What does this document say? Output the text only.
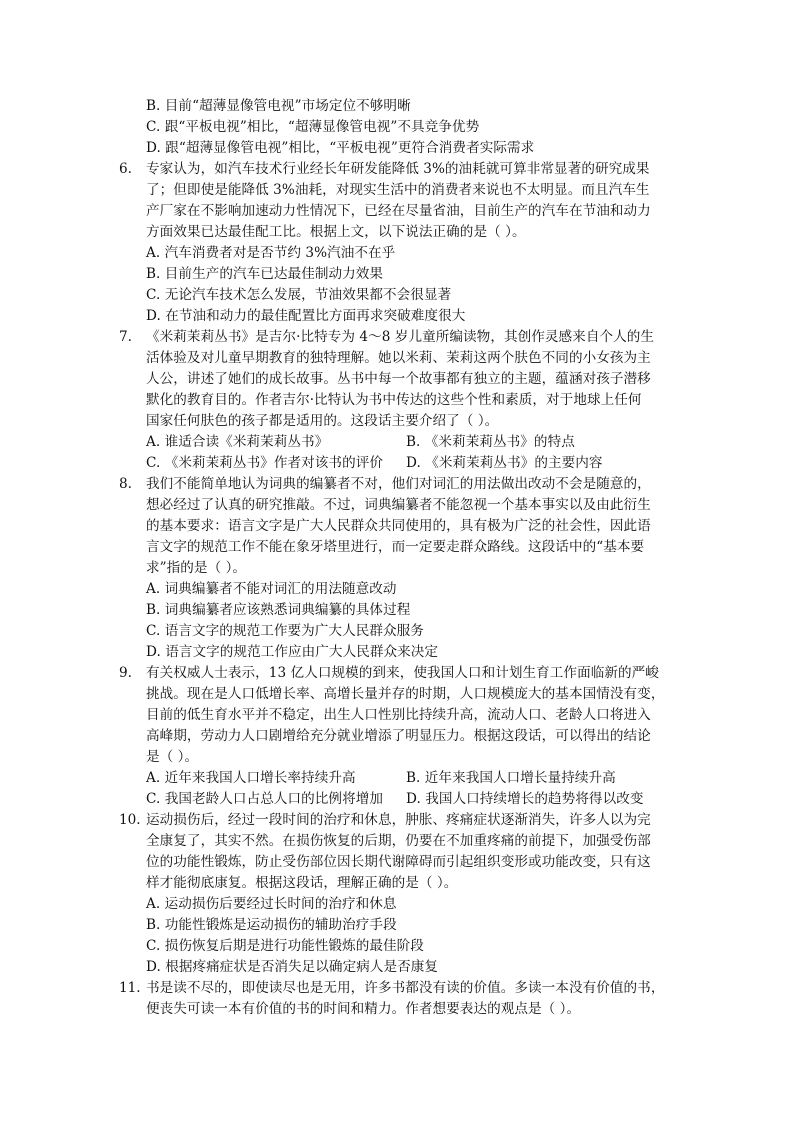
B. 目前“超薄显像管电视”市场定位不够明晰
C. 跟“平板电视”相比，“超薄显像管电视”不具竞争优势
D. 跟“超薄显像管电视”相比，“平板电视”更符合消费者实际需求
6. 专家认为，如汽车技术行业经长年研发能降低 3%的油耗就可算非常显著的研究成果
了；但即使是能降低 3%油耗，对现实生活中的消费者来说也不太明显。而且汽车生
产厂家在不影响加速动力性情况下，已经在尽量省油，目前生产的汽车在节油和动力
方面效果已达最佳配工比。根据上文，以下说法正确的是（ ）。
A. 汽车消费者对是否节约 3%汽油不在乎
B. 目前生产的汽车已达最佳制动力效果
C. 无论汽车技术怎么发展，节油效果都不会很显著
D. 在节油和动力的最佳配置比方面再求突破难度很大
7. 《米莉茉莉丛书》是吉尔·比特专为 4～8 岁儿童所编读物，其创作灵感来自个人的生
活体验及对儿童早期教育的独特理解。她以米莉、茉莉这两个肤色不同的小女孩为主
人公，讲述了她们的成长故事。丛书中每一个故事都有独立的主题，蕴涵对孩子潜移
默化的教育目的。作者吉尔·比特认为书中传达的这些个性和素质，对于地球上任何
国家任何肤色的孩子都是适用的。这段话主要介绍了（ ）。
A. 谁适合读《米莉茉莉丛书》	B. 《米莉茉莉丛书》的特点
C. 《米莉茉莉丛书》作者对该书的评价 D. 《米莉茉莉丛书》的主要内容
8. 我们不能简单地认为词典的编纂者不对，他们对词汇的用法做出改动不会是随意的，
想必经过了认真的研究推敲。不过，词典编纂者不能忽视一个基本事实以及由此衍生
的基本要求：语言文字是广大人民群众共同使用的，具有极为广泛的社会性，因此语
言文字的规范工作不能在象牙塔里进行，而一定要走群众路线。这段话中的“基本要
求”指的是（ ）。
A. 词典编纂者不能对词汇的用法随意改动
B. 词典编纂者应该熟悉词典编纂的具体过程
C. 语言文字的规范工作要为广大人民群众服务
D. 语言文字的规范工作应由广大人民群众来决定
9. 有关权威人士表示，13 亿人口规模的到来，使我国人口和计划生育工作面临新的严峻
挑战。现在是人口低增长率、高增长量并存的时期，人口规模庞大的基本国情没有变，
目前的低生育水平并不稳定，出生人口性别比持续升高，流动人口、老龄人口将进入
高峰期，劳动力人口剧增给充分就业增添了明显压力。根据这段话，可以得出的结论
是（ ）。
A. 近年来我国人口增长率持续升高	B. 近年来我国人口增长量持续升高
C. 我国老龄人口占总人口的比例将增加 D. 我国人口持续增长的趋势将得以改变
10. 运动损伤后，经过一段时间的治疗和休息，肿胀、疼痛症状逐渐消失，许多人以为完
全康复了，其实不然。在损伤恢复的后期，仍要在不加重疼痛的前提下，加强受伤部
位的功能性锻炼，防止受伤部位因长期代谢障碍而引起组织变形或功能改变，只有这
样才能彻底康复。根据这段话，理解正确的是（ ）。
A. 运动损伤后要经过长时间的治疗和休息
B. 功能性锻炼是运动损伤的辅助治疗手段
C. 损伤恢复后期是进行功能性锻炼的最佳阶段
D. 根据疼痛症状是否消失足以确定病人是否康复
11. 书是读不尽的，即使读尽也是无用，许多书都没有读的价值。多读一本没有价值的书，
便丧失可读一本有价值的书的时间和精力。作者想要表达的观点是（ ）。
